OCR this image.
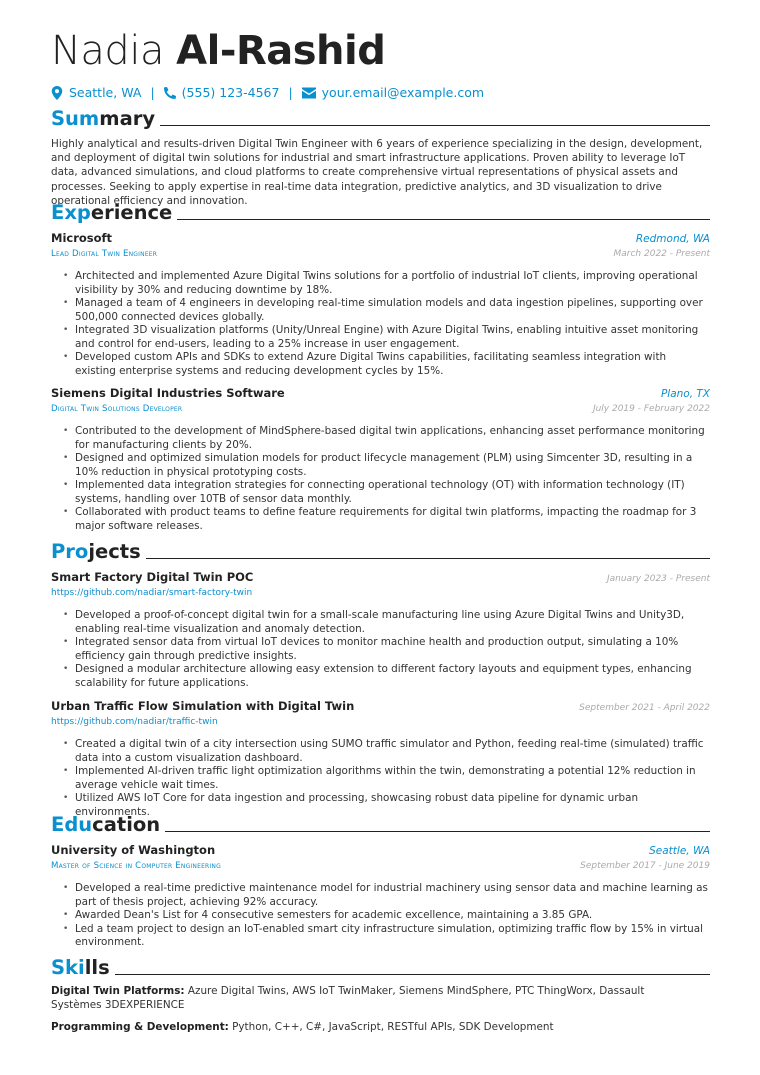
Nadia Al-Rashid
Seattle, WA | (555) 123-4567 | your.email@example.com
Summary

Highly analytical and results-driven Digital Twin Engineer with 6 years of experience specializing in the design, development, and deployment of digital twin solutions for industrial and smart infrastructure applications. Proven ability to leverage IoT data, advanced simulations, and cloud platforms to create comprehensive virtual representations of physical assets and processes. Seeking to apply expertise in real-time data integration, predictive analytics, and 3D visualization to drive operational efficiency and innovation.

Experience
Microsoft	Redmond, WA
Lead Digital Twin Engineer	March 2022 - Present
• Architected and implemented Azure Digital Twins solutions for a portfolio of industrial IoT clients, improving operational visibility by 30% and reducing downtime by 18%.
• Managed a team of 4 engineers in developing real-time simulation models and data ingestion pipelines, supporting over 500,000 connected devices globally.
• Integrated 3D visualization platforms (Unity/Unreal Engine) with Azure Digital Twins, enabling intuitive asset monitoring and control for end-users, leading to a 25% increase in user engagement.
• Developed custom APIs and SDKs to extend Azure Digital Twins capabilities, facilitating seamless integration with existing enterprise systems and reducing development cycles by 15%.
Siemens Digital Industries Software	Plano, TX
Digital Twin Solutions Developer	July 2019 - February 2022
• Contributed to the development of MindSphere-based digital twin applications, enhancing asset performance monitoring for manufacturing clients by 20%.
• Designed and optimized simulation models for product lifecycle management (PLM) using Simcenter 3D, resulting in a 10% reduction in physical prototyping costs.
• Implemented data integration strategies for connecting operational technology (OT) with information technology (IT) systems, handling over 10TB of sensor data monthly.
• Collaborated with product teams to define feature requirements for digital twin platforms, impacting the roadmap for 3 major software releases.
Projects
Smart Factory Digital Twin POC	January 2023 - Present
https://github.com/nadiar/smart-factory-twin
• Developed a proof-of-concept digital twin for a small-scale manufacturing line using Azure Digital Twins and Unity3D, enabling real-time visualization and anomaly detection.
• Integrated sensor data from virtual IoT devices to monitor machine health and production output, simulating a 10% efficiency gain through predictive insights.
• Designed a modular architecture allowing easy extension to different factory layouts and equipment types, enhancing scalability for future applications.
Urban Traffic Flow Simulation with Digital Twin	September 2021 - April 2022
https://github.com/nadiar/traffic-twin
• Created a digital twin of a city intersection using SUMO traffic simulator and Python, feeding real-time (simulated) traffic data into a custom visualization dashboard.
• Implemented AI-driven traffic light optimization algorithms within the twin, demonstrating a potential 12% reduction in average vehicle wait times.
• Utilized AWS IoT Core for data ingestion and processing, showcasing robust data pipeline for dynamic urban environments.
Education
University of Washington	Seattle, WA
Master of Science in Computer Engineering	September 2017 - June 2019
• Developed a real-time predictive maintenance model for industrial machinery using sensor data and machine learning as part of thesis project, achieving 92% accuracy.
• Awarded Dean's List for 4 consecutive semesters for academic excellence, maintaining a 3.85 GPA.
• Led a team project to design an IoT-enabled smart city infrastructure simulation, optimizing traffic flow by 15% in virtual environment.
Skills

Digital Twin Platforms: Azure Digital Twins, AWS IoT TwinMaker, Siemens MindSphere, PTC ThingWorx, Dassault Systèmes 3DEXPERIENCE

Programming & Development: Python, C++, C#, JavaScript, RESTful APIs, SDK Development
